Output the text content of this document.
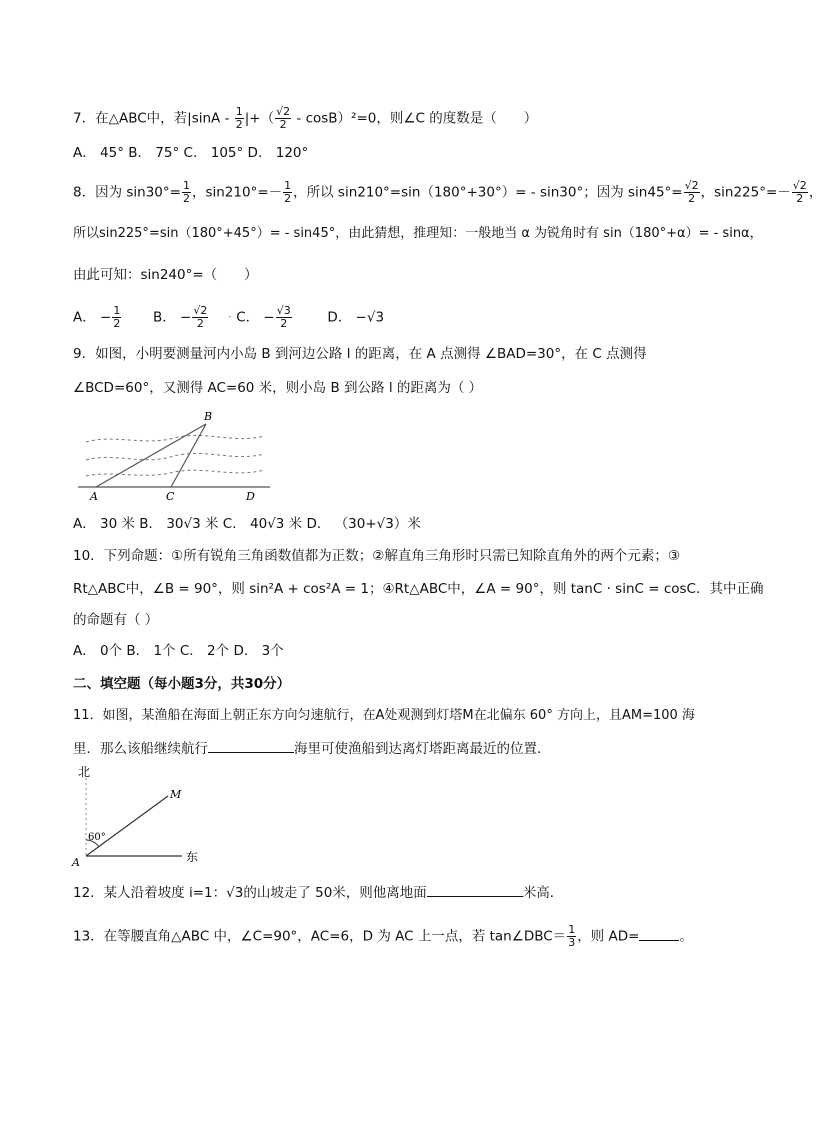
7．在△ABC中，若$|\sin A - \frac{1}{2}$ |+（ $\frac{√2}{2} - \cos B)^2=0$，则∠C 的度数是（　　）
A． 45° B． 75° C． 105° D． 120°
8．因为 $\sin 30^\circ= \frac{1}{2}$ ，$\sin 210^\circ=- \frac{1}{2}$ ，所以 sin210°=sin（180°+30°）= - sin30°；因为 $\sin 45^\circ= \frac{√2}{2}$ ，$\sin 225^\circ=- \frac{√2}{2}$ ，
所以sin225°=sin（180°+45°）= - sin45°，由此猜想，推理知：一般地当 α 为锐角时有 sin（180°+α）= - sinα，
由此可知：sin240°=（　　）
A． − $\frac{1}{2}$ B． − $\frac{√2}{2} \cdot C$． − $\frac{√3}{2}$	D． −√3
9．如图，小明要测量河内小岛 B 到河边公路 l 的距离，在 A 点测得 ∠BAD=30°，在 C 点测得
∠BCD=60°，又测得 AC=60 米，则小岛 B 到公路 l 的距离为（ ）
B
A	C	D
A． 30 米 B． 30√3 米 C． 40√3 米 D． （30+√3）米
10．下列命题：①所有锐角三角函数值都为正数；②解直角三角形时只需已知除直角外的两个元素；③
Rt△ABC中，∠B = 90°，则 sin²A + cos²A = 1；④Rt△ABC中，∠A = 90°，则 tanC · sinC = cosC．其中正确
的命题有（ ）
A． 0个 B． 1个 C． 2个 D． 3个
二、填空题（每小题3分，共30分）
11．如图，某渔船在海面上朝正东方向匀速航行，在A处观测到灯塔M在北偏东 60° 方向上，且AM=100 海
里．那么该船继续航行	海里可使渔船到达离灯塔距离最近的位置．
北
M
60°
A	东
12．某人沿着坡度 i=1：√3的山坡走了 50米，则他离地面	米高．
13．在等腰直角△ABC 中，∠C=90°，AC=6，D 为 AC 上一点，若 tan∠DBC＝ $\frac{1}{3}$ ，则 AD=	。
